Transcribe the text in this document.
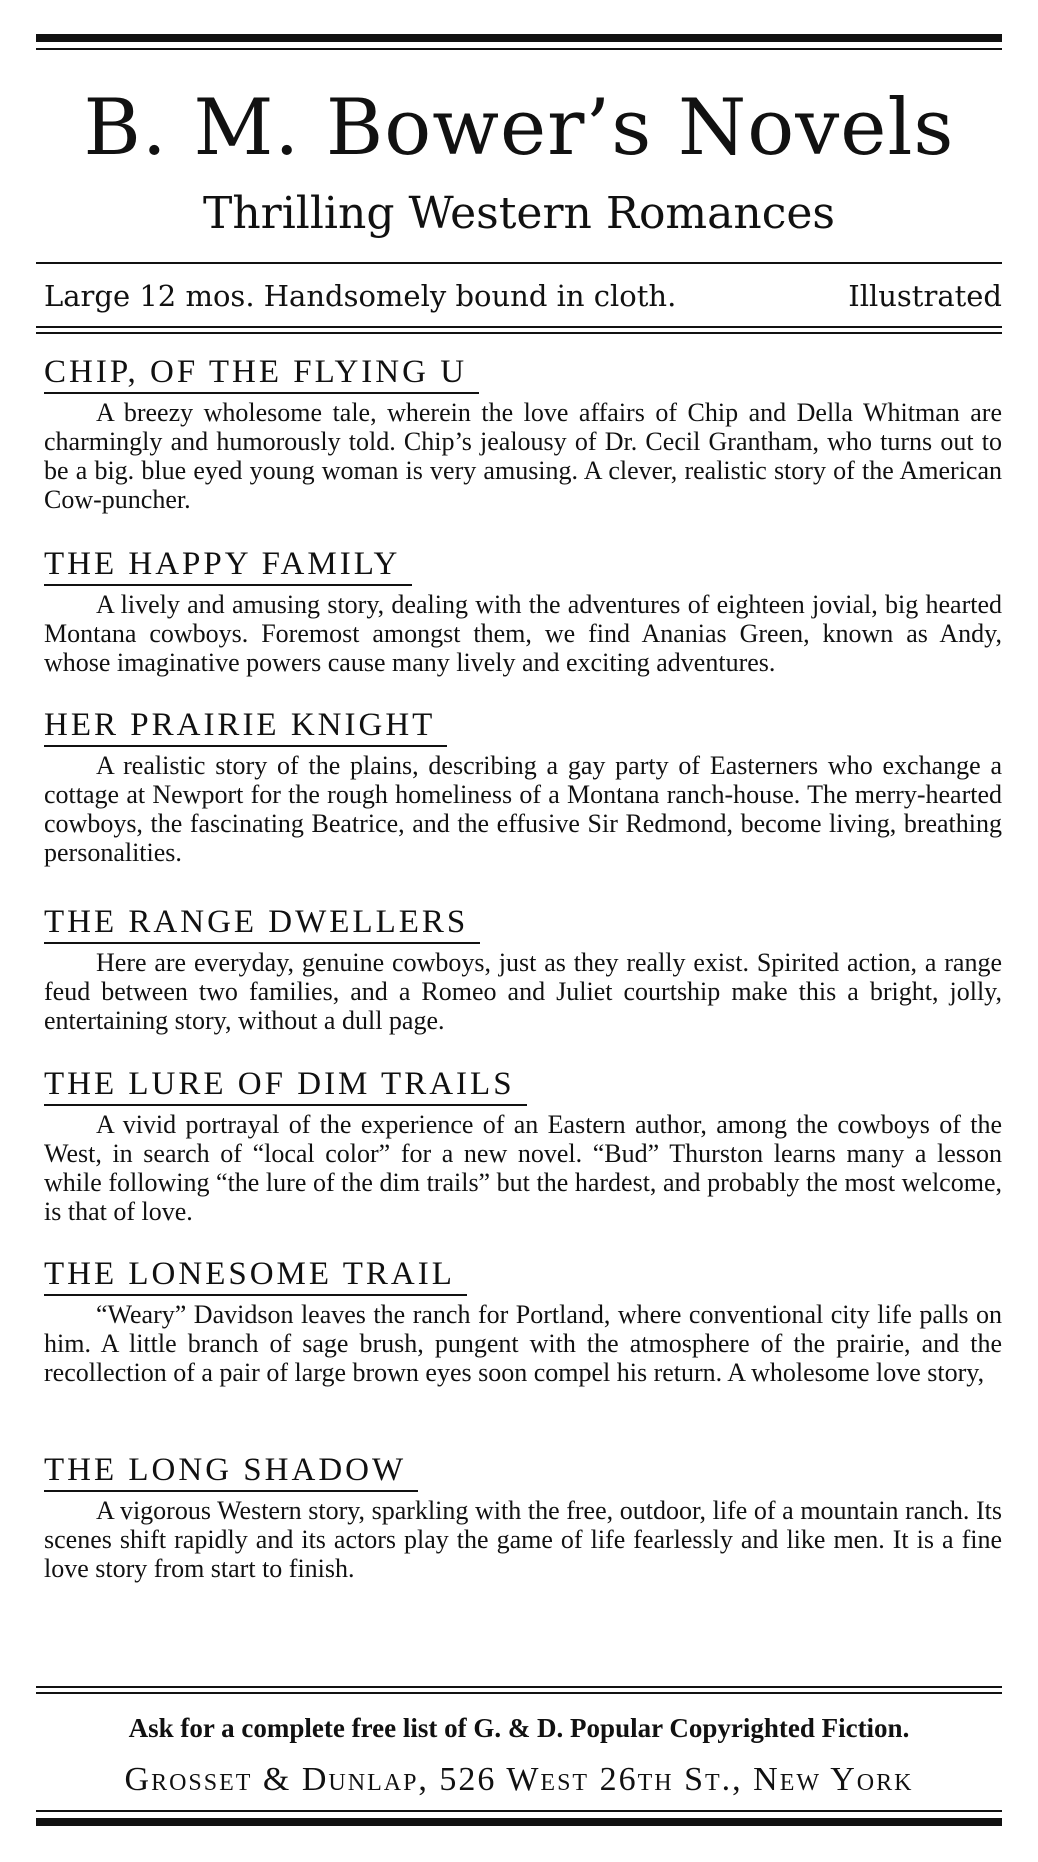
B. M. Bower’s Novels
Thrilling Western Romances
Large 12 mos. Handsomely bound in cloth.	Illustrated
CHIP, OF THE FLYING U

A breezy wholesome tale, wherein the love affairs of Chip and Della Whitman are charmingly and humorously told. Chip’s jealousy of Dr. Cecil Grantham, who turns out to be a big. blue eyed young woman is very amusing. A clever, realistic story of the American Cow-puncher.

THE HAPPY FAMILY

A lively and amusing story, dealing with the adventures of eighteen jovial, big hearted Montana cowboys. Foremost amongst them, we find Ananias Green, known as Andy, whose imaginative powers cause many lively and exciting adventures.

HER PRAIRIE KNIGHT

A realistic story of the plains, describing a gay party of Easterners who exchange a cottage at Newport for the rough homeliness of a Montana ranch-house. The merry-hearted cowboys, the fascinating Beatrice, and the effusive Sir Redmond, become living, breathing personalities.

THE RANGE DWELLERS

Here are everyday, genuine cowboys, just as they really exist. Spirited action, a range feud between two families, and a Romeo and Juliet courtship make this a bright, jolly, entertaining story, without a dull page.

THE LURE OF DIM TRAILS

A vivid portrayal of the experience of an Eastern author, among the cowboys of the West, in search of “local color” for a new novel. “Bud” Thurston learns many a lesson while following “the lure of the dim trails” but the hardest, and probably the most welcome, is that of love.

THE LONESOME TRAIL

“Weary” Davidson leaves the ranch for Portland, where conventional city life palls on him. A little branch of sage brush, pungent with the atmosphere of the prairie, and the recollection of a pair of large brown eyes soon compel his return. A wholesome love story,

THE LONG SHADOW

A vigorous Western story, sparkling with the free, outdoor, life of a mountain ranch. Its scenes shift rapidly and its actors play the game of life fearlessly and like men. It is a fine love story from start to finish.

Ask for a complete free list of G. & D. Popular Copyrighted Fiction.
Grosset & Dunlap, 526 West 26th St., New York
